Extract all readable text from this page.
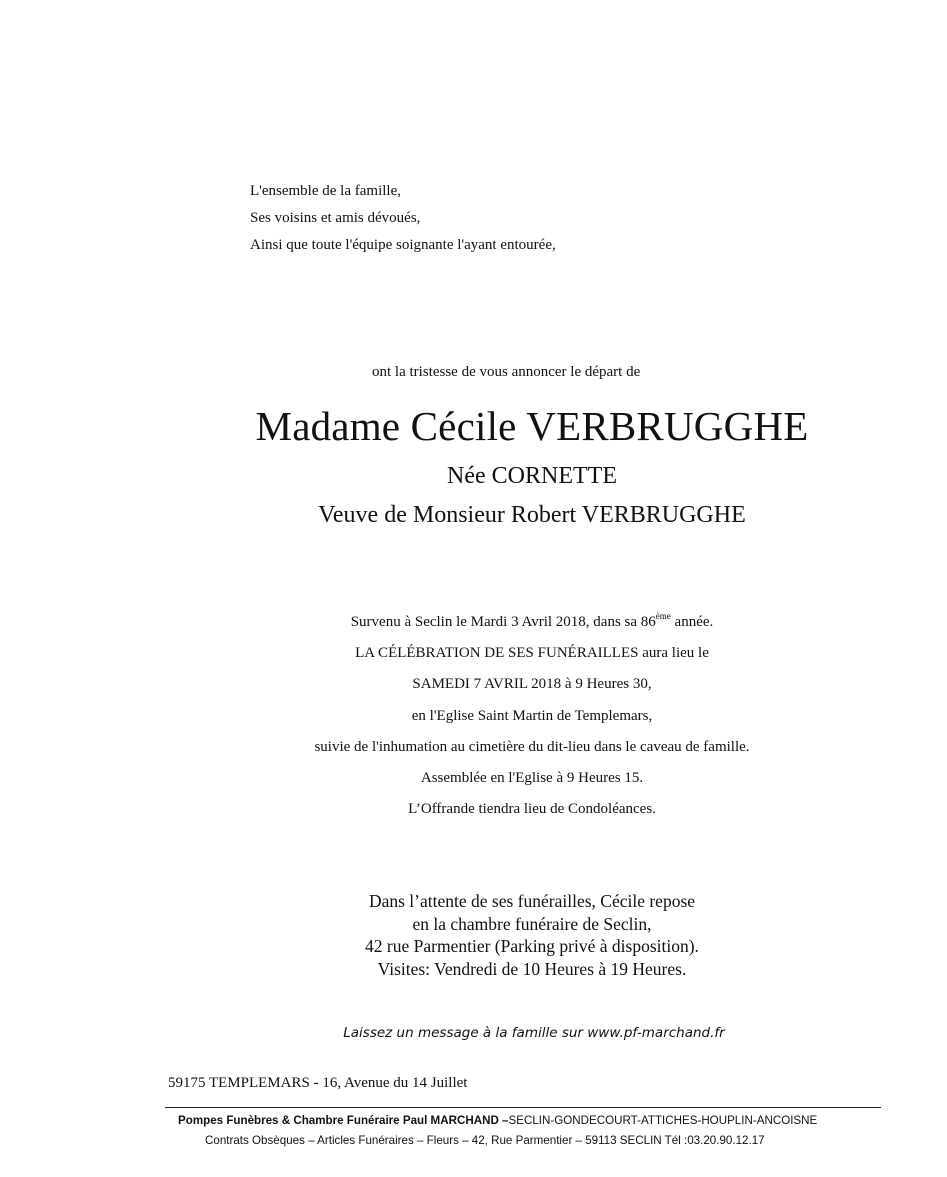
L'ensemble de la famille,
Ses voisins et amis dévoués,
Ainsi que toute l'équipe soignante l'ayant entourée,
ont la tristesse de vous annoncer le départ de
Madame Cécile VERBRUGGHE
Née CORNETTE
Veuve de Monsieur Robert VERBRUGGHE
Survenu à Seclin le Mardi 3 Avril 2018, dans sa 86ème année.
LA CÉLÉBRATION DE SES FUNÉRAILLES aura lieu le
SAMEDI 7 AVRIL 2018 à 9 Heures 30,
en l'Eglise Saint Martin de Templemars,
suivie de l'inhumation au cimetière du dit-lieu dans le caveau de famille.
Assemblée en l'Eglise à 9 Heures 15.
L’Offrande tiendra lieu de Condoléances.
Dans l’attente de ses funérailles, Cécile repose
en la chambre funéraire de Seclin,
42 rue Parmentier (Parking privé à disposition).
Visites: Vendredi de 10 Heures à 19 Heures.
Laissez un message à la famille sur www.pf-marchand.fr
59175 TEMPLEMARS - 16, Avenue du 14 Juillet
Pompes Funèbres & Chambre Funéraire Paul MARCHAND –SECLIN-GONDECOURT-ATTICHES-HOUPLIN-ANCOISNE
Contrats Obsèques – Articles Funéraires – Fleurs – 42, Rue Parmentier – 59113 SECLIN Tél :03.20.90.12.17
